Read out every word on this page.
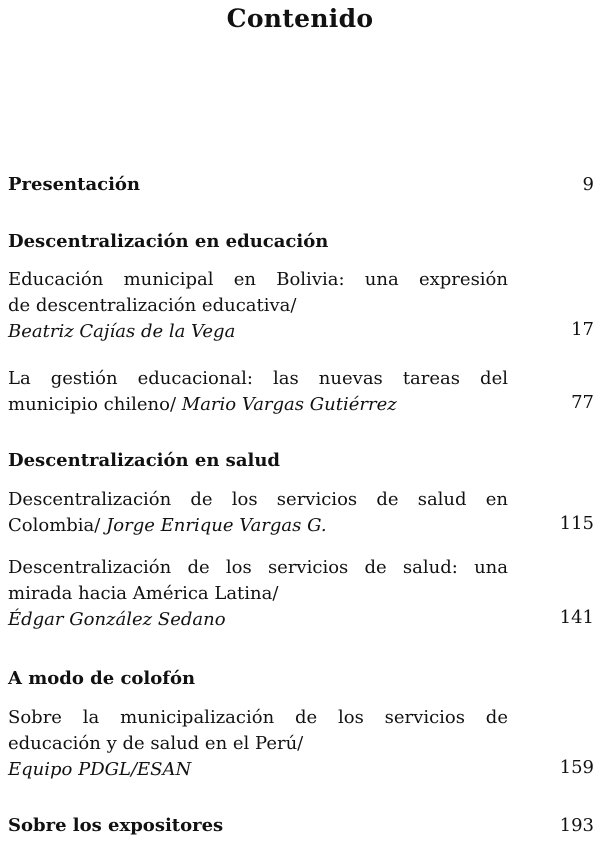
Contenido
Presentación	9
Descentralización en educación
Educación municipal en Bolivia: una expresión
de descentralización educativa/
Beatriz Cajías de la Vega	17
La gestión educacional: las nuevas tareas del
municipio chileno/ Mario Vargas Gutiérrez	77
Descentralización en salud
Descentralización de los servicios de salud en
Colombia/ Jorge Enrique Vargas G.	115
Descentralización de los servicios de salud: una
mirada hacia América Latina/
Édgar González Sedano	141
A modo de colofón
Sobre la municipalización de los servicios de
educación y de salud en el Perú/
Equipo PDGL/ESAN	159
Sobre los expositores	193
